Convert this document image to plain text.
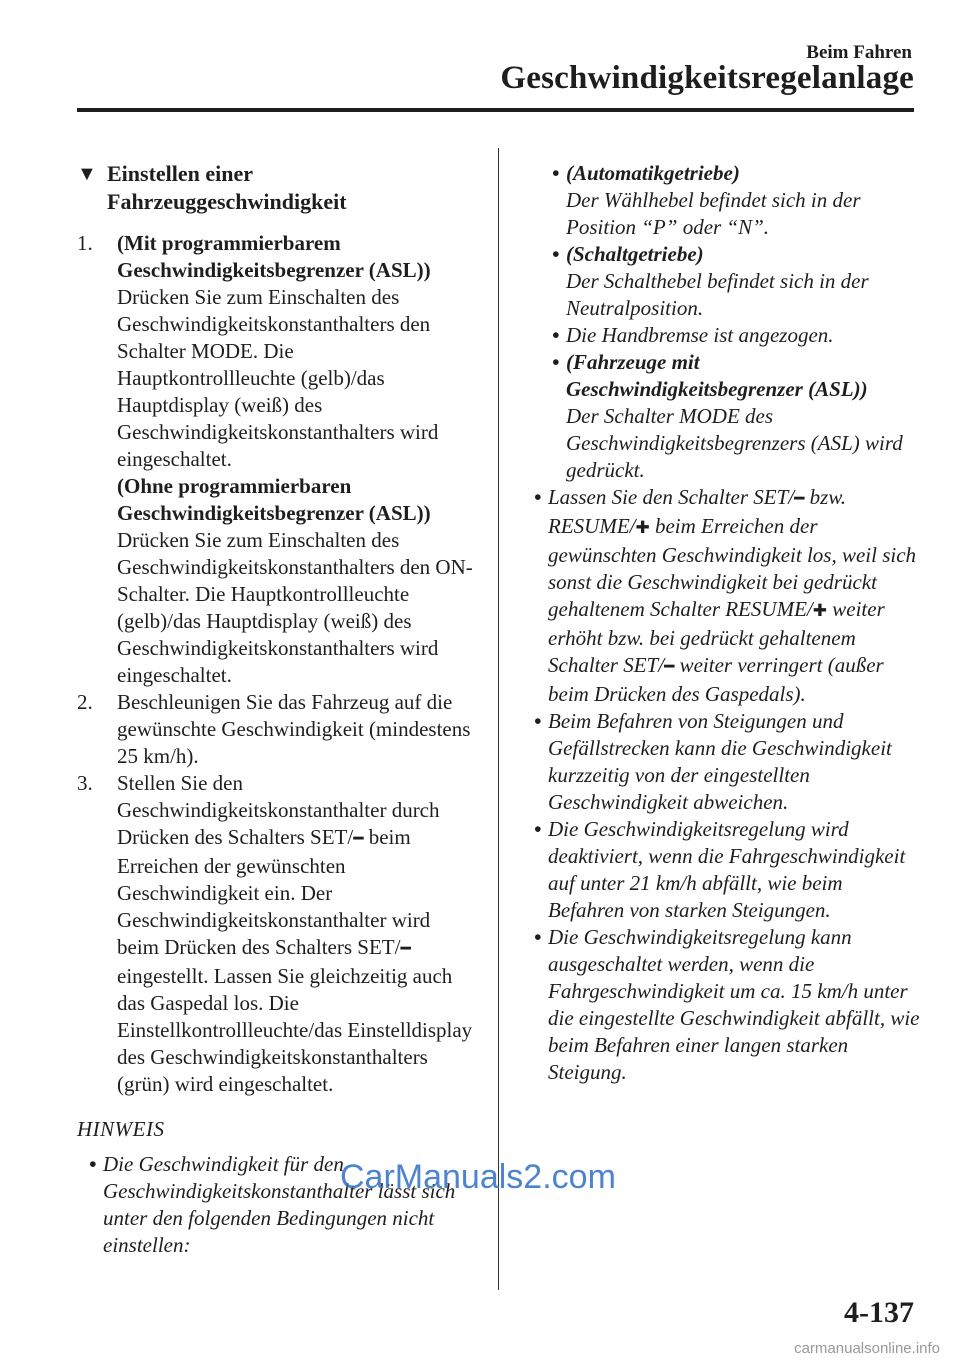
Beim Fahren
Geschwindigkeitsregelanlage
▼ Einstellen einer Fahrzeuggeschwindigkeit
1.	(Mit programmierbarem Geschwindigkeitsbegrenzer (ASL))
Drücken Sie zum Einschalten des Geschwindigkeitskonstanthalters den Schalter MODE. Die Hauptkontrollleuchte (gelb)/das Hauptdisplay (weiß) des Geschwindigkeitskonstanthalters wird eingeschaltet.
(Ohne programmierbaren Geschwindigkeitsbegrenzer (ASL))
Drücken Sie zum Einschalten des Geschwindigkeitskonstanthalters den ON-Schalter. Die Hauptkontrollleuchte (gelb)/das Hauptdisplay (weiß) des Geschwindigkeitskonstanthalters wird eingeschaltet.
2.	Beschleunigen Sie das Fahrzeug auf die gewünschte Geschwindigkeit (mindestens 25 km/h).
3.	Stellen Sie den Geschwindigkeitskonstanthalter durch Drücken des Schalters SET/━ beim Erreichen der gewünschten Geschwindigkeit ein. Der Geschwindigkeitskonstanthalter wird beim Drücken des Schalters SET/━ eingestellt. Lassen Sie gleichzeitig auch das Gaspedal los. Die Einstellkontrollleuchte/das Einstelldisplay des Geschwindigkeitskonstanthalters (grün) wird eingeschaltet.
HINWEIS
• Die Geschwindigkeit für den Geschwindigkeitskonstanthalter lässt sich unter den folgenden Bedingungen nicht einstellen:
• (Automatikgetriebe)
Der Wählhebel befindet sich in der Position “P” oder “N”.
• (Schaltgetriebe)
Der Schalthebel befindet sich in der Neutralposition.
• Die Handbremse ist angezogen.
• (Fahrzeuge mit Geschwindigkeitsbegrenzer (ASL))
Der Schalter MODE des Geschwindigkeitsbegrenzers (ASL) wird gedrückt.
• Lassen Sie den Schalter SET/━ bzw. RESUME/✚ beim Erreichen der gewünschten Geschwindigkeit los, weil sich sonst die Geschwindigkeit bei gedrückt gehaltenem Schalter RESUME/✚ weiter erhöht bzw. bei gedrückt gehaltenem Schalter SET/━ weiter verringert (außer beim Drücken des Gaspedals).
• Beim Befahren von Steigungen und Gefällstrecken kann die Geschwindigkeit kurzzeitig von der eingestellten Geschwindigkeit abweichen.
• Die Geschwindigkeitsregelung wird deaktiviert, wenn die Fahrgeschwindigkeit auf unter 21 km/h abfällt, wie beim Befahren von starken Steigungen.
• Die Geschwindigkeitsregelung kann ausgeschaltet werden, wenn die Fahrgeschwindigkeit um ca. 15 km/h unter die eingestellte Geschwindigkeit abfällt, wie beim Befahren einer langen starken Steigung.
4-137
CarManuals2.com
carmanualsonline.info
